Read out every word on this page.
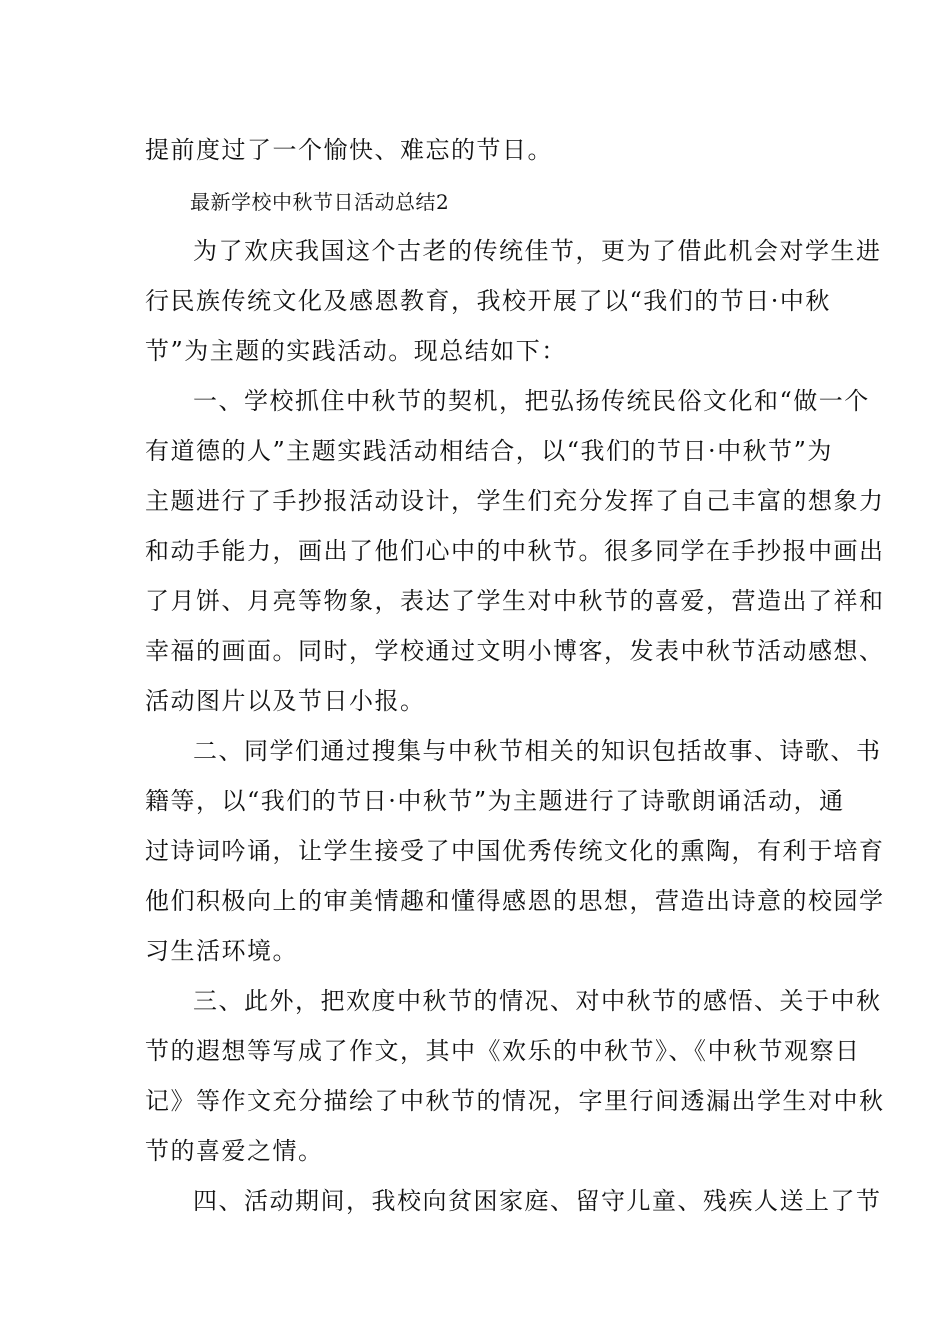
提前度过了一个愉快、难忘的节日。
最新学校中秋节日活动总结2
为了欢庆我国这个古老的传统佳节，更为了借此机会对学生进
行民族传统文化及感恩教育，我校开展了以“我们的节日·中秋
节”为主题的实践活动。现总结如下：
一、学校抓住中秋节的契机，把弘扬传统民俗文化和“做一个
有道德的人”主题实践活动相结合，以“我们的节日·中秋节”为
主题进行了手抄报活动设计，学生们充分发挥了自己丰富的想象力
和动手能力，画出了他们心中的中秋节。很多同学在手抄报中画出
了月饼、月亮等物象，表达了学生对中秋节的喜爱，营造出了祥和
幸福的画面。同时，学校通过文明小博客，发表中秋节活动感想、
活动图片以及节日小报。
二、同学们通过搜集与中秋节相关的知识包括故事、诗歌、书
籍等，以“我们的节日·中秋节”为主题进行了诗歌朗诵活动，通
过诗词吟诵，让学生接受了中国优秀传统文化的熏陶，有利于培育
他们积极向上的审美情趣和懂得感恩的思想，营造出诗意的校园学
习生活环境。
三、此外，把欢度中秋节的情况、对中秋节的感悟、关于中秋
节的遐想等写成了作文，其中《欢乐的中秋节》、《中秋节观察日
记》等作文充分描绘了中秋节的情况，字里行间透漏出学生对中秋
节的喜爱之情。
四、活动期间，我校向贫困家庭、留守儿童、残疾人送上了节
